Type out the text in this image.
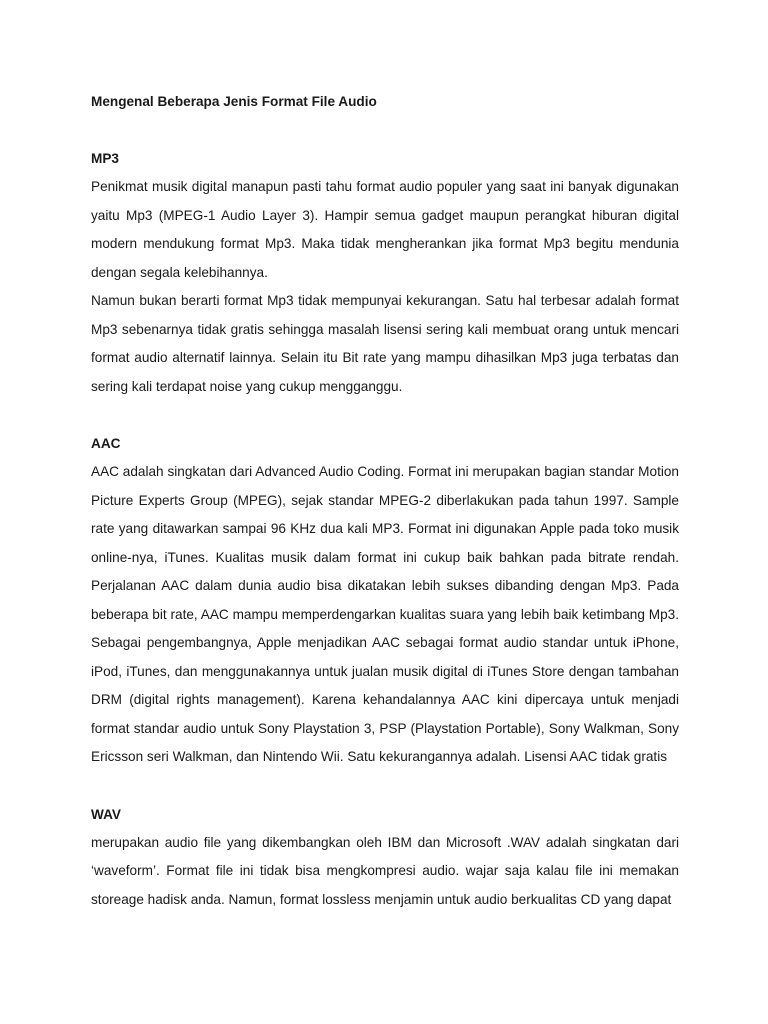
Mengenal Beberapa Jenis Format File Audio

MP3

Penikmat musik digital manapun pasti tahu format audio populer yang saat ini banyak digunakan yaitu Mp3 (MPEG-1 Audio Layer 3). Hampir semua gadget maupun perangkat hiburan digital modern mendukung format Mp3. Maka tidak mengherankan jika format Mp3 begitu mendunia dengan segala kelebihannya.

Namun bukan berarti format Mp3 tidak mempunyai kekurangan. Satu hal terbesar adalah format Mp3 sebenarnya tidak gratis sehingga masalah lisensi sering kali membuat orang untuk mencari format audio alternatif lainnya. Selain itu Bit rate yang mampu dihasilkan Mp3 juga terbatas dan sering kali terdapat noise yang cukup mengganggu.

AAC

AAC adalah singkatan dari Advanced Audio Coding. Format ini merupakan bagian standar Motion Picture Experts Group (MPEG), sejak standar MPEG-2 diberlakukan pada tahun 1997. Sample rate yang ditawarkan sampai 96 KHz dua kali MP3. Format ini digunakan Apple pada toko musik online-nya, iTunes. Kualitas musik dalam format ini cukup baik bahkan pada bitrate rendah. Perjalanan AAC dalam dunia audio bisa dikatakan lebih sukses dibanding dengan Mp3. Pada beberapa bit rate, AAC mampu memperdengarkan kualitas suara yang lebih baik ketimbang Mp3. Sebagai pengembangnya, Apple menjadikan AAC sebagai format audio standar untuk iPhone, iPod, iTunes, dan menggunakannya untuk jualan musik digital di iTunes Store dengan tambahan DRM (digital rights management). Karena kehandalannya AAC kini dipercaya untuk menjadi format standar audio untuk Sony Playstation 3, PSP (Playstation Portable), Sony Walkman, Sony Ericsson seri Walkman, dan Nintendo Wii. Satu kekurangannya adalah. Lisensi AAC tidak gratis

WAV

merupakan audio file yang dikembangkan oleh IBM dan Microsoft .WAV adalah singkatan dari ‘waveform’. Format file ini tidak bisa mengkompresi audio. wajar saja kalau file ini memakan storeage hadisk anda. Namun, format lossless menjamin untuk audio berkualitas CD yang dapat
